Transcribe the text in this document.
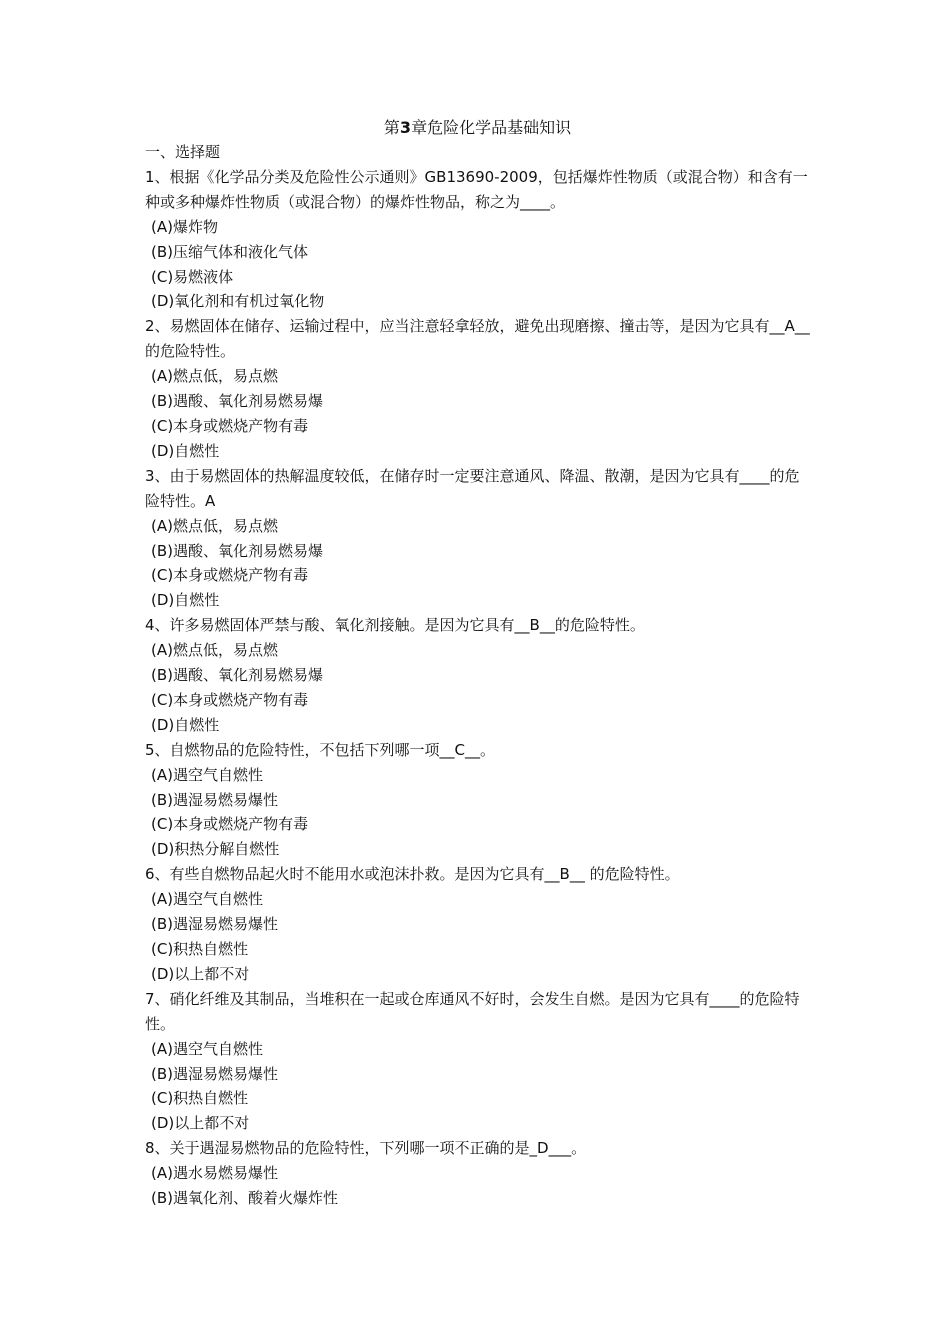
第3章危险化学品基础知识
一、选择题
1、根据《化学品分类及危险性公示通则》GB13690-2009，包括爆炸性物质（或混合物）和含有一种或多种爆炸性物质（或混合物）的爆炸性物品，称之为____。
(A)爆炸物
(B)压缩气体和液化气体
(C)易燃液体
(D)氧化剂和有机过氧化物
2、易燃固体在储存、运输过程中，应当注意轻拿轻放，避免出现磨擦、撞击等，是因为它具有__A__的危险特性。
(A)燃点低，易点燃
(B)遇酸、氧化剂易燃易爆
(C)本身或燃烧产物有毒
(D)自燃性
3、由于易燃固体的热解温度较低，在储存时一定要注意通风、降温、散潮，是因为它具有____的危险特性。A
(A)燃点低，易点燃
(B)遇酸、氧化剂易燃易爆
(C)本身或燃烧产物有毒
(D)自燃性
4、许多易燃固体严禁与酸、氧化剂接触。是因为它具有__B__的危险特性。
(A)燃点低，易点燃
(B)遇酸、氧化剂易燃易爆
(C)本身或燃烧产物有毒
(D)自燃性
5、自燃物品的危险特性，不包括下列哪一项__C__。
(A)遇空气自燃性
(B)遇湿易燃易爆性
(C)本身或燃烧产物有毒
(D)积热分解自燃性
6、有些自燃物品起火时不能用水或泡沫扑救。是因为它具有__B__ 的危险特性。
(A)遇空气自燃性
(B)遇湿易燃易爆性
(C)积热自燃性
(D)以上都不对
7、硝化纤维及其制品，当堆积在一起或仓库通风不好时，会发生自燃。是因为它具有____的危险特性。
(A)遇空气自燃性
(B)遇湿易燃易爆性
(C)积热自燃性
(D)以上都不对
8、关于遇湿易燃物品的危险特性，下列哪一项不正确的是_D___。
(A)遇水易燃易爆性
(B)遇氧化剂、酸着火爆炸性
